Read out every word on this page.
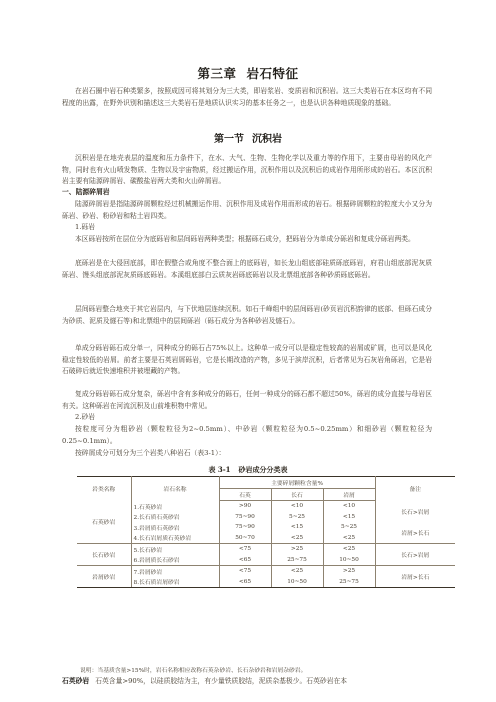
第三章 岩石特征
在岩石圈中岩石种类繁多，按照成因可将其划分为三大类，即岩浆岩、变质岩和沉积岩。这三大类岩石在本区均有不同程度的出露，在野外识别和描述这三大类岩石是地质认识实习的基本任务之一，也是认识各种地质现象的基础。
第一节 沉积岩
沉积岩是在地壳表层的温度和压力条件下，在水、大气、生物、生物化学以及重力等的作用下，主要由母岩的风化产物，同时也有火山喷发物质、生物以及宇宙物质，经过搬运作用，沉积作用以及沉积后的成岩作用所形成的岩石。本区沉积岩主要有陆源碎屑岩、碳酸盐岩两大类和火山碎屑岩。
一、陆源碎屑岩
陆源碎屑岩是指陆源碎屑颗粒经过机械搬运作用、沉积作用及成岩作用而形成的岩石。根据碎屑颗粒的粒度大小又分为砾岩、砂岩、粉砂岩和粘土岩四类。
1.砾岩
本区砾岩按所在层位分为底砾岩和层间砾岩两种类型；根据砾石成分，把砾岩分为单成分砾岩和复成分砾岩两类。
底砾岩是在大侵回底部，即在假整合或角度不整合面上的底砾岩，如长龙山组底部硅质砾底砾岩，府君山组底部泥灰质砾岩、馒头组底部泥灰质砾底砾岩。本溪组底部白云质灰岩砾底砾岩以及北票组底部各种砂质砾底砾岩。
层间砾岩整合地夹于其它岩层内，与下伏地层连续沉积。如石千峰组中的层间砾岩(砂页岩沉积韵律的底部、但砾石成分为砂质、泥质及燧石等)和北票组中的层间砾岩（砾石成分为各种砂岩及燧石）。
单成分砾岩砾石成分单一，同种成分的砾石占75%以上。这种单一成分可以是稳定性较高的岩屑或矿屑，也可以是风化稳定性较低的岩屑。前者主要是石英岩屑砾岩，它是长期改造的产物，多见于滨岸沉积，后者常见为石灰岩角砾岩，它是岩石破碎后就近快速堆积并被埋藏的产物。
复成分砾岩砾石成分复杂，砾岩中含有多种成分的砾石，任何一种成分的砾石都不超过50%，砾岩的成分直接与母岩区有关。这种砾岩在河流沉积及山前堆积物中常见。
2.砂岩
按粒度可分为粗砂岩（颗粒粒径为2~0.5mm）、中砂岩（颗粒粒径为0.5~0.25mm）和细砂岩（颗粒粒径为0.25~0.1mm）。
按碎屑成分可划分为三个岩类八种岩石（表3-1）：
表 3-1 砂岩成分分类表
岩类名称	岩石名称	主要碎屑颗粒含量%			备注
		石英	长石	岩屑	
石英砂岩	1.石英砂岩	>90	<10	<10	长石>岩屑
	2.长石质石英砂岩	75~90	5~25	<15	
	3.岩屑质石英砂岩	75~90	<15	5~25	岩屑>长石
	4.长石岩屑质石英砂岩	50~70	<25	<25	
长石砂岩	5.长石砂岩	<75	>25	<25	长石>岩屑
	6.岩屑质长石砂岩	<65	25~75	10~50	
岩屑砂岩	7.岩屑砂岩	<75	<25	>25	岩屑>长石
	8.长石质岩屑砂岩	<65	10~50	25~75	
说明：当基质含量>15%时，岩石名称相应改称石英杂砂岩、长石杂砂岩和岩屑杂砂岩。
石英砂岩 石英含量>90%，以硅质胶结为主，有少量铁质胶结，泥质杂基极少。石英砂岩在本
